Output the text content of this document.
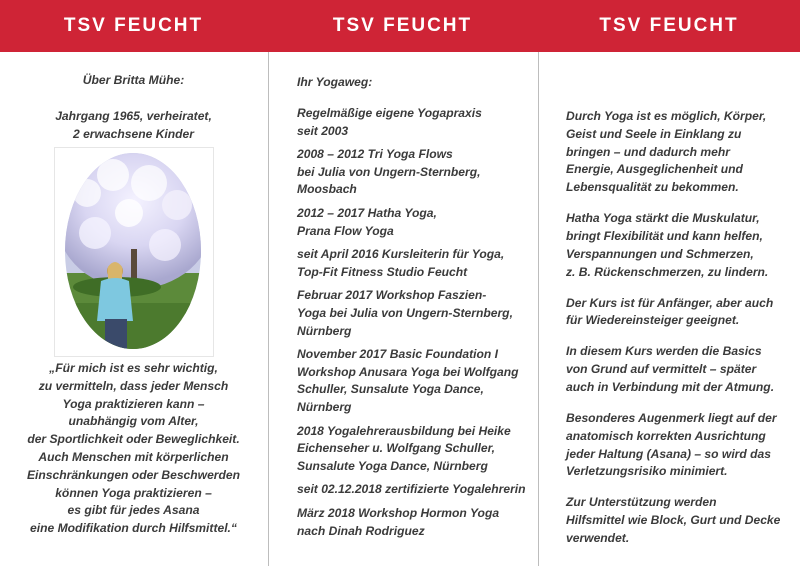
TSV FEUCHT
Über Britta Mühe:
Jahrgang 1965, verheiratet,
2 erwachsene Kinder
„Für mich ist es sehr wichtig,
zu vermitteln, dass jeder Mensch
Yoga praktizieren kann –
unabhängig vom Alter,
der Sportlichkeit oder Beweglichkeit.
Auch Menschen mit körperlichen
Einschränkungen oder Beschwerden
können Yoga praktizieren –
es gibt für jedes Asana
eine Modifikation durch Hilfsmittel.“
TSV FEUCHT
Ihr Yogaweg:
Regelmäßige eigene Yogapraxis
seit 2003
2008 – 2012 Tri Yoga Flows
bei Julia von Ungern-Sternberg,
Moosbach
2012 – 2017 Hatha Yoga,
Prana Flow Yoga
seit April 2016 Kursleiterin für Yoga,
Top-Fit Fitness Studio Feucht
Februar 2017 Workshop Faszien-
Yoga bei Julia von Ungern-Sternberg,
Nürnberg
November 2017 Basic Foundation I
Workshop Anusara Yoga bei Wolfgang
Schuller, Sunsalute Yoga Dance,
Nürnberg
2018 Yogalehrerausbildung bei Heike
Eichenseher u. Wolfgang Schuller,
Sunsalute Yoga Dance, Nürnberg
seit 02.12.2018 zertifizierte Yogalehrerin
März 2018 Workshop Hormon Yoga
nach Dinah Rodriguez
TSV FEUCHT
Durch Yoga ist es möglich, Körper,
Geist und Seele in Einklang zu
bringen – und dadurch mehr
Energie, Ausgeglichenheit und
Lebensqualität zu bekommen.
Hatha Yoga stärkt die Muskulatur,
bringt Flexibilität und kann helfen,
Verspannungen und Schmerzen,
z. B. Rückenschmerzen, zu lindern.
Der Kurs ist für Anfänger, aber auch
für Wiedereinsteiger geeignet.
In diesem Kurs werden die Basics
von Grund auf vermittelt – später
auch in Verbindung mit der Atmung.
Besonderes Augenmerk liegt auf der
anatomisch korrekten Ausrichtung
jeder Haltung (Asana) – so wird das
Verletzungsrisiko minimiert.
Zur Unterstützung werden
Hilfsmittel wie Block, Gurt und Decke
verwendet.
